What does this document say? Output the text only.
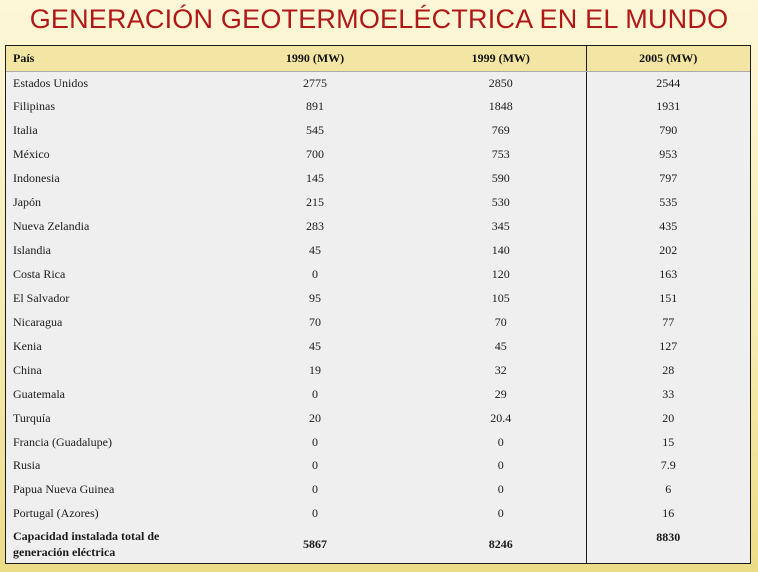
GENERACIÓN GEOTERMOELÉCTRICA EN EL MUNDO
País	1990 (MW)	1999 (MW)	2005 (MW)
Estados Unidos	2775	2850	2544
Filipinas	891	1848	1931
Italia	545	769	790
México	700	753	953
Indonesia	145	590	797
Japón	215	530	535
Nueva Zelandia	283	345	435
Islandia	45	140	202
Costa Rica	0	120	163
El Salvador	95	105	151
Nicaragua	70	70	77
Kenia	45	45	127
China	19	32	28
Guatemala	0	29	33
Turquía	20	20.4	20
Francia (Guadalupe)	0	0	15
Rusia	0	0	7.9
Papua Nueva Guinea	0	0	6
Portugal (Azores)	0	0	16
Capacidad instalada total de
generación eléctrica	5867	8246	8830
